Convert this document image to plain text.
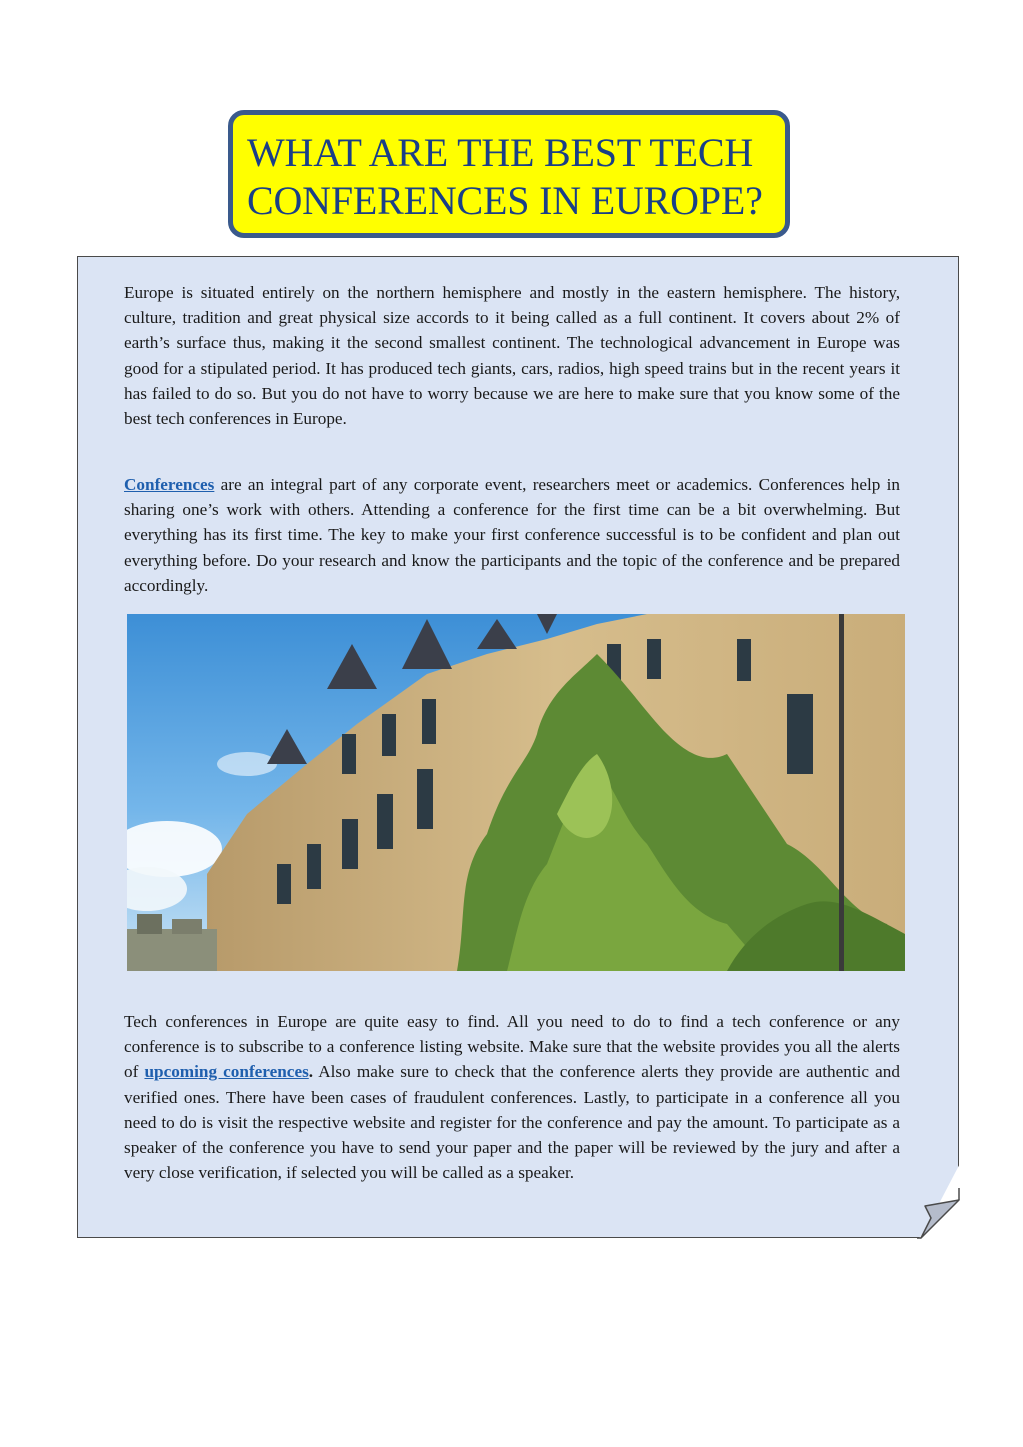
WHAT ARE THE BEST TECH
CONFERENCES IN EUROPE?

Europe is situated entirely on the northern hemisphere and mostly in the eastern hemisphere. The history, culture, tradition and great physical size accords to it being called as a full continent. It covers about 2% of earth’s surface thus, making it the second smallest continent. The technological advancement in Europe was good for a stipulated period. It has produced tech giants, cars, radios, high speed trains but in the recent years it has failed to do so. But you do not have to worry because we are here to make sure that you know some of the best tech conferences in Europe.

Conferences are an integral part of any corporate event, researchers meet or academics. Conferences help in sharing one’s work with others. Attending a conference for the first time can be a bit overwhelming. But everything has its first time. The key to make your first conference successful is to be confident and plan out everything before. Do your research and know the participants and the topic of the conference and be prepared accordingly.

Tech conferences in Europe are quite easy to find. All you need to do to find a tech conference or any conference is to subscribe to a conference listing website. Make sure that the website provides you all the alerts of upcoming conferences. Also make sure to check that the conference alerts they provide are authentic and verified ones. There have been cases of fraudulent conferences. Lastly, to participate in a conference all you need to do is visit the respective website and register for the conference and pay the amount. To participate as a speaker of the conference you have to send your paper and the paper will be reviewed by the jury and after a very close verification, if selected you will be called as a speaker.
